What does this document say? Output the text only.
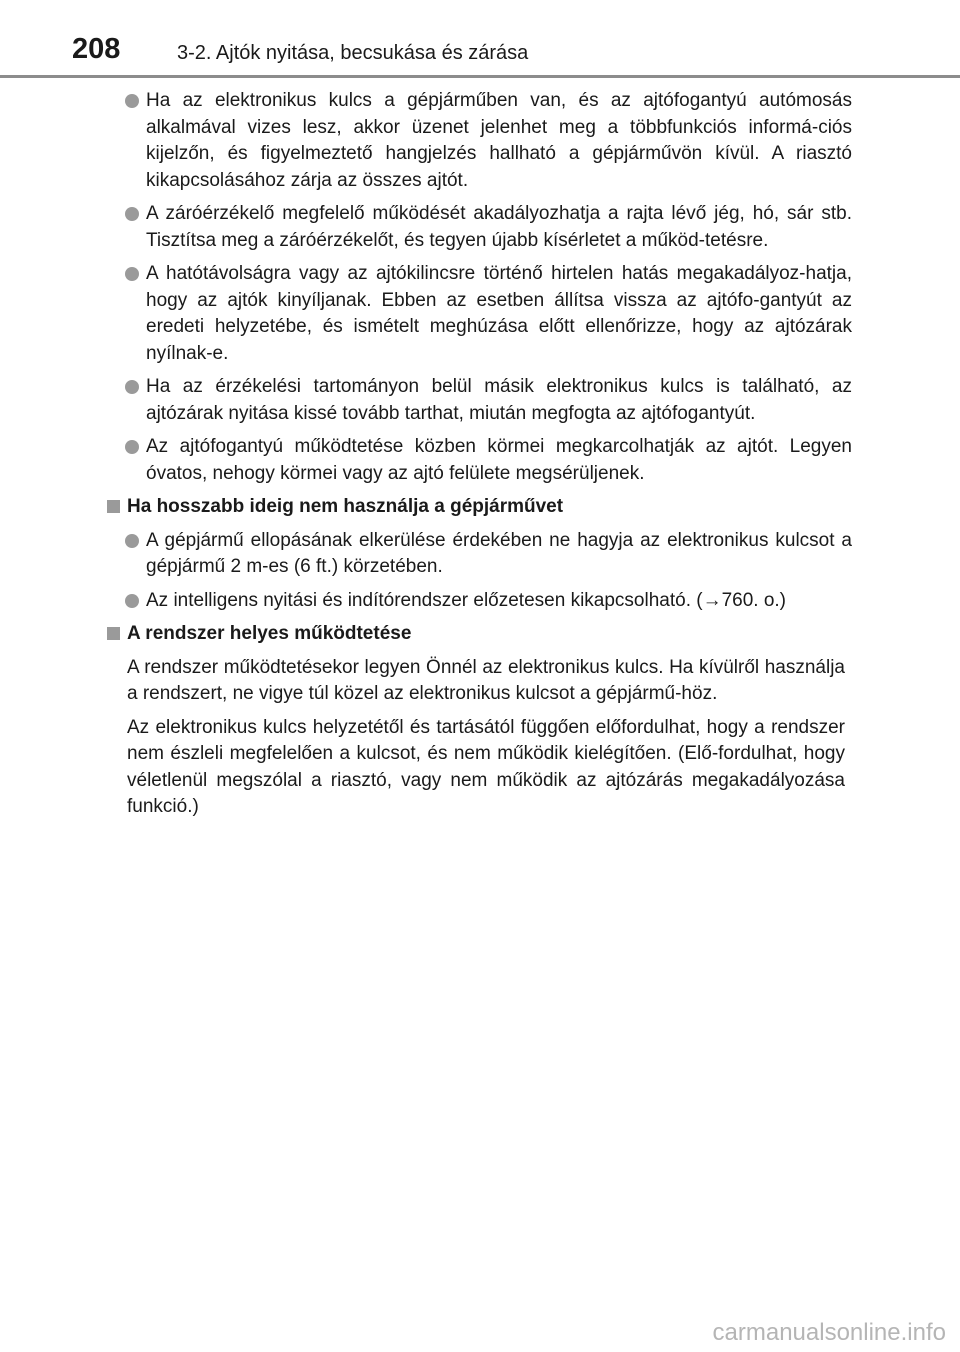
208	3-2. Ajtók nyitása, becsukása és zárása
Ha az elektronikus kulcs a gépjárműben van, és az ajtófogantyú autómosás alkalmával vizes lesz, akkor üzenet jelenhet meg a többfunkciós informá-ciós kijelzőn, és figyelmeztető hangjelzés hallható a gépjárművön kívül. A riasztó kikapcsolásához zárja az összes ajtót.
A záróérzékelő megfelelő működését akadályozhatja a rajta lévő jég, hó, sár stb. Tisztítsa meg a záróérzékelőt, és tegyen újabb kísérletet a működ-tetésre.
A hatótávolságra vagy az ajtókilincsre történő hirtelen hatás megakadályoz-hatja, hogy az ajtók kinyíljanak. Ebben az esetben állítsa vissza az ajtófo-gantyút az eredeti helyzetébe, és ismételt meghúzása előtt ellenőrizze, hogy az ajtózárak nyílnak-e.
Ha az érzékelési tartományon belül másik elektronikus kulcs is található, az ajtózárak nyitása kissé tovább tarthat, miután megfogta az ajtófogantyút.
Az ajtófogantyú működtetése közben körmei megkarcolhatják az ajtót. Legyen óvatos, nehogy körmei vagy az ajtó felülete megsérüljenek.
Ha hosszabb ideig nem használja a gépjárművet
A gépjármű ellopásának elkerülése érdekében ne hagyja az elektronikus kulcsot a gépjármű 2 m-es (6 ft.) körzetében.
Az intelligens nyitási és indítórendszer előzetesen kikapcsolható. (→760. o.)
A rendszer helyes működtetése
A rendszer működtetésekor legyen Önnél az elektronikus kulcs. Ha kívülről használja a rendszert, ne vigye túl közel az elektronikus kulcsot a gépjármű-höz.
Az elektronikus kulcs helyzetétől és tartásától függően előfordulhat, hogy a rendszer nem észleli megfelelően a kulcsot, és nem működik kielégítően. (Elő-fordulhat, hogy véletlenül megszólal a riasztó, vagy nem működik az ajtózárás megakadályozása funkció.)
carmanualsonline.info
